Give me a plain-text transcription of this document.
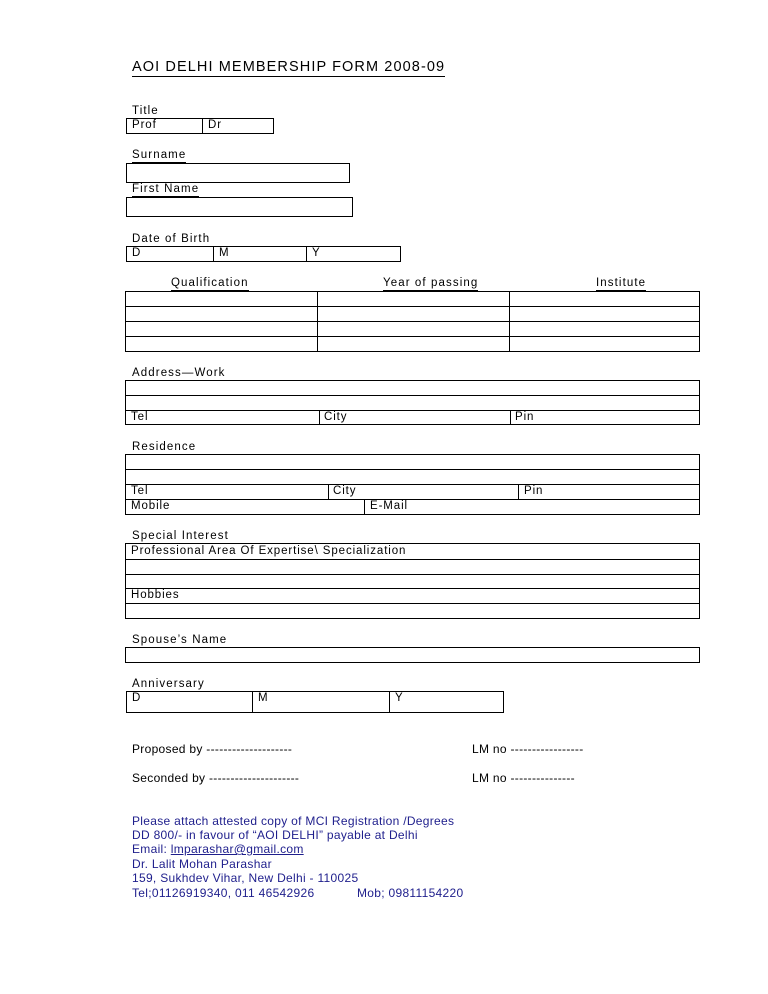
AOI DELHI MEMBERSHIP FORM 2008-09
Title
Prof	Dr
Surname
First Name
Date of Birth
D	M	Y
Qualification	Year of passing	Institute
Address—Work
Tel	City	Pin
Residence
Tel	City	Pin
Mobile	E-Mail
Special Interest
Professional Area Of Expertise\ Specialization
Hobbies
Spouse’s Name
Anniversary
D	M	Y
Proposed by --------------------	LM no -----------------
Seconded by ---------------------	LM no ---------------
Please attach attested copy of MCI Registration /Degrees
DD 800/- in favour of “AOI DELHI” payable at Delhi
Email: lmparashar@gmail.com
Dr. Lalit Mohan Parashar
159, Sukhdev Vihar, New Delhi - 110025
Tel;01126919340, 011 46542926	Mob; 09811154220
